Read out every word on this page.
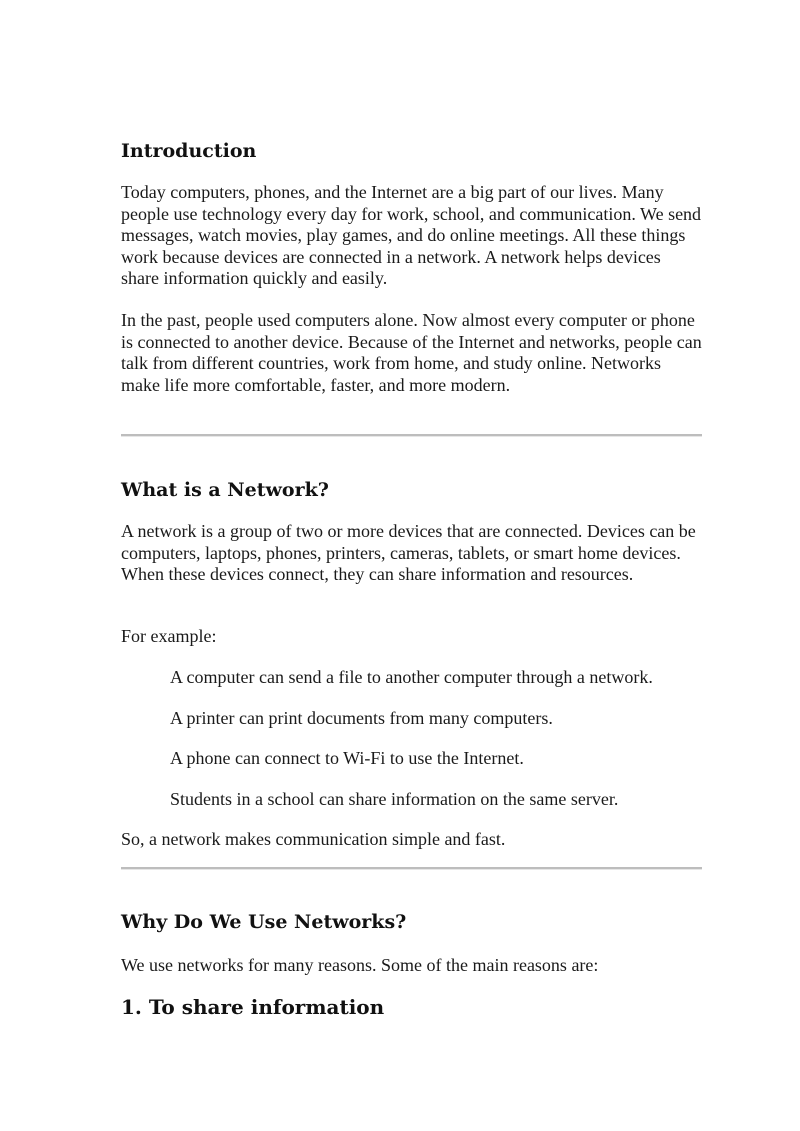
Introduction

Today computers, phones, and the Internet are a big part of our lives. Many people use technology every day for work, school, and communication. We send messages, watch movies, play games, and do online meetings. All these things work because devices are connected in a network. A network helps devices share information quickly and easily.

In the past, people used computers alone. Now almost every computer or phone is connected to another device. Because of the Internet and networks, people can talk from different countries, work from home, and study online. Networks make life more comfortable, faster, and more modern.

What is a Network?

A network is a group of two or more devices that are connected. Devices can be computers, laptops, phones, printers, cameras, tablets, or smart home devices. When these devices connect, they can share information and resources.

For example:

A computer can send a file to another computer through a network.
A printer can print documents from many computers.
A phone can connect to Wi-Fi to use the Internet.
Students in a school can share information on the same server.

So, a network makes communication simple and fast.

Why Do We Use Networks?

We use networks for many reasons. Some of the main reasons are:

1. To share information
